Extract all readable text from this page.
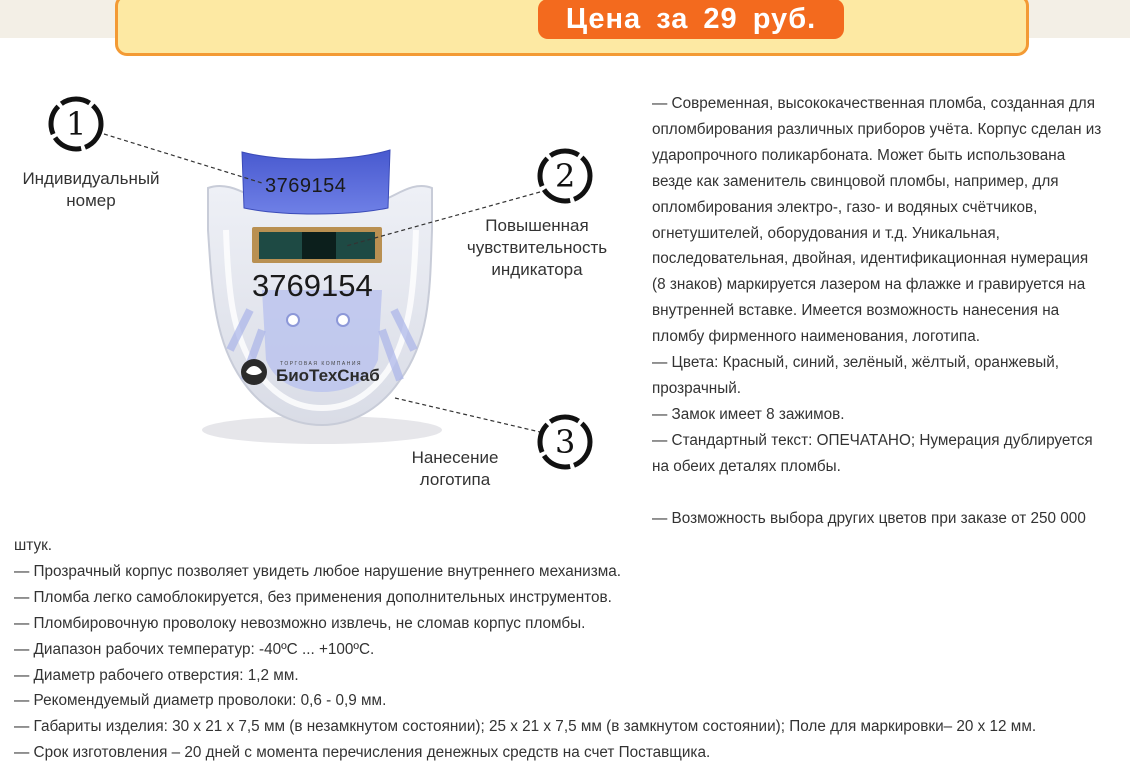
Цена за 29 руб.
3769154
3769154
ТОРГОВАЯ КОМПАНИЯ
БиоТехСнаб
1
2
3
Индивидуальный
номер
Повышенная
чувствительность
индикатора
Нанесение
логотипа

— Современная, высококачественная пломба, созданная для

опломбирования различных приборов учёта. Корпус сделан из

ударопрочного поликарбоната. Может быть использована

везде как заменитель свинцовой пломбы, например, для

опломбирования электро-, газо- и водяных счётчиков,

огнетушителей, оборудования и т.д. Уникальная,

последовательная, двойная, идентификационная нумерация

(8 знаков) маркируется лазером на флажке и гравируется на

внутренней вставке. Имеется возможность нанесения на

пломбу фирменного наименования, логотипа.

— Цвета: Красный, синий, зелёный, жёлтый, оранжевый,

прозрачный.

— Замок имеет 8 зажимов.

— Стандартный текст: ОПЕЧАТАНО; Нумерация дублируется

на обеих деталях пломбы.

— Возможность выбора других цветов при заказе от 250 000

штук.

— Прозрачный корпус позволяет увидеть любое нарушение внутреннего механизма.

— Пломба легко самоблокируется, без применения дополнительных инструментов.

— Пломбировочную проволоку невозможно извлечь, не сломав корпус пломбы.

— Диапазон рабочих температур: -40ºС ... +100ºС.

— Диаметр рабочего отверстия: 1,2 мм.

— Рекомендуемый диаметр проволоки: 0,6 - 0,9 мм.

— Габариты изделия: 30 х 21 х 7,5 мм (в незамкнутом состоянии); 25 х 21 х 7,5 мм (в замкнутом состоянии); Поле для маркировки– 20 х 12 мм.

— Срок изготовления – 20 дней с момента перечисления денежных средств на счет Поставщика.
